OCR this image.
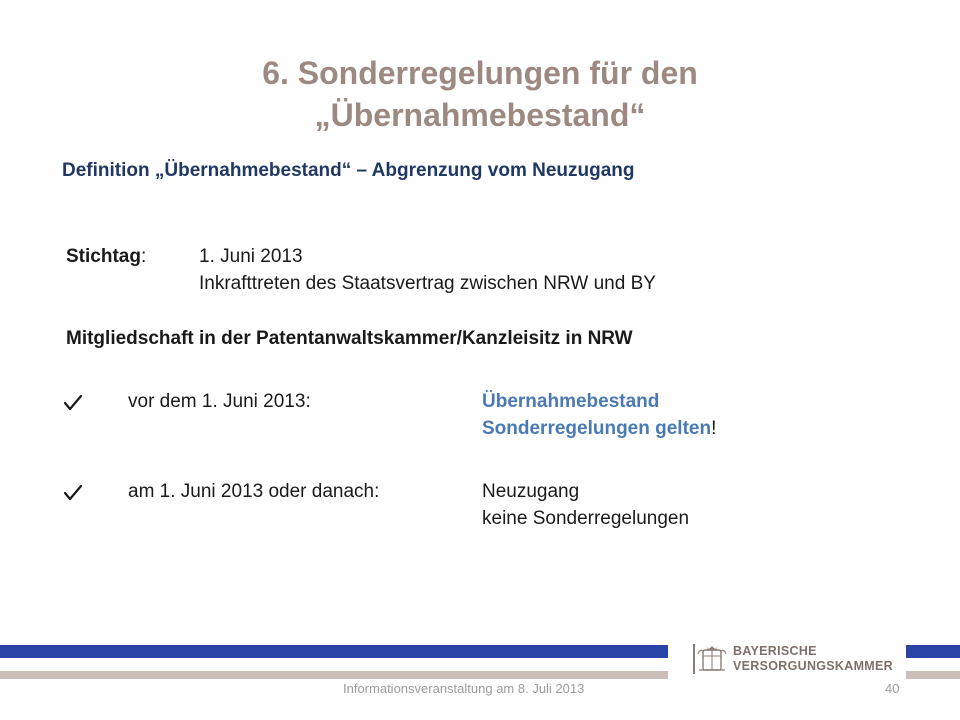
6. Sonderregelungen für den
„Übernahmebestand“
Definition „Übernahmebestand“ – Abgrenzung vom Neuzugang
Stichtag:	1. Juni 2013
Inkrafttreten des Staatsvertrag zwischen NRW und BY
Mitgliedschaft in der Patentanwaltskammer/Kanzleisitz in NRW
vor dem 1. Juni 2013:	Übernahmebestand
Sonderregelungen gelten!
am 1. Juni 2013 oder danach:	Neuzugang
keine Sonderregelungen
BAYERISCHE
VERSORGUNGSKAMMER
Informationsveranstaltung am 8. Juli 2013	40
